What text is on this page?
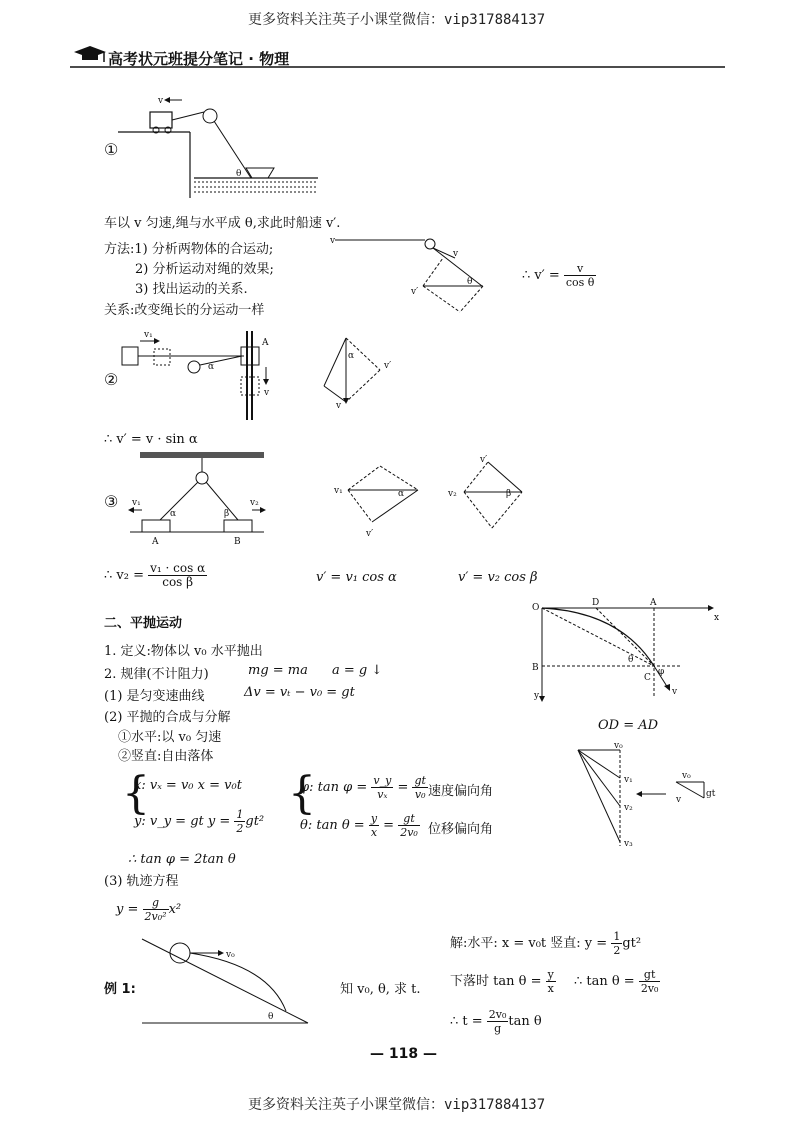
更多资料关注英子小课堂微信：vip317884137
更多资料关注英子小课堂微信：vip317884137
高考状元班提分笔记 · 物理
①
v
θ
车以 v 匀速,绳与水平成 θ,求此时船速 v′.
方法:1) 分析两物体的合运动;
2) 分析运动对绳的效果;
3) 找出运动的关系.
关系:改变绳长的分运动一样
v
v
θ
v′
∴ $v' = \frac{v}{\text{cos θ}}$
②
v₁
α
A
v
α
v′
v
∴ v′ = v · sin α
③ v₁	v₂
α	β
A	B
v₁	α
v′
v′
v₂	β
∴ $v_2 = \frac{\text{v₁ · cos α}}{\text{cos β}}$	v′ = v₁ cos α	v′ = v₂ cos β
二、平抛运动
1. 定义:物体以 v₀ 水平抛出
2. 规律(不计阻力)	mg = ma a = g ↓
(1) 是匀变速曲线	Δv = vₜ − v₀ = gt
(2) 平抛的合成与分解
①水平:以 v₀ 匀速
②竖直:自由落体
{
x: vₓ = v₀ x = v₀t
y: v_y = gt $y = \frac{1}{2} gt^2$
{
φ: $\tan \varphi = \frac{v\_y}{\text{vₓ}} = \frac{gt}{\text{v₀}}$ 速度偏向角
θ: $\tan \theta = \frac{y}{x} = \frac{gt}{\text{2v₀}}$ 位移偏向角
∴ tan φ = 2tan θ
(3) 轨迹方程
$y = \frac{g}{\text{2v₀²}} x^2$
O	D	A
x
B
y
C
θ
φ
v
OD = AD
v₀
v₁
v₂
v₃
v₀
gt
v
v₀
θ
例 1:	知 v₀, θ, 求 t.
解:水平: x = v₀t 竖直: $y = \frac{1}{2} gt^2$
下落时 $\tan \theta = \frac{y}{x}$ ∴ $\tan \theta = \frac{gt}{\text{2v₀}}$
∴ $t = \frac{\text{2v₀}}{g}$ tan θ
— 118 —
